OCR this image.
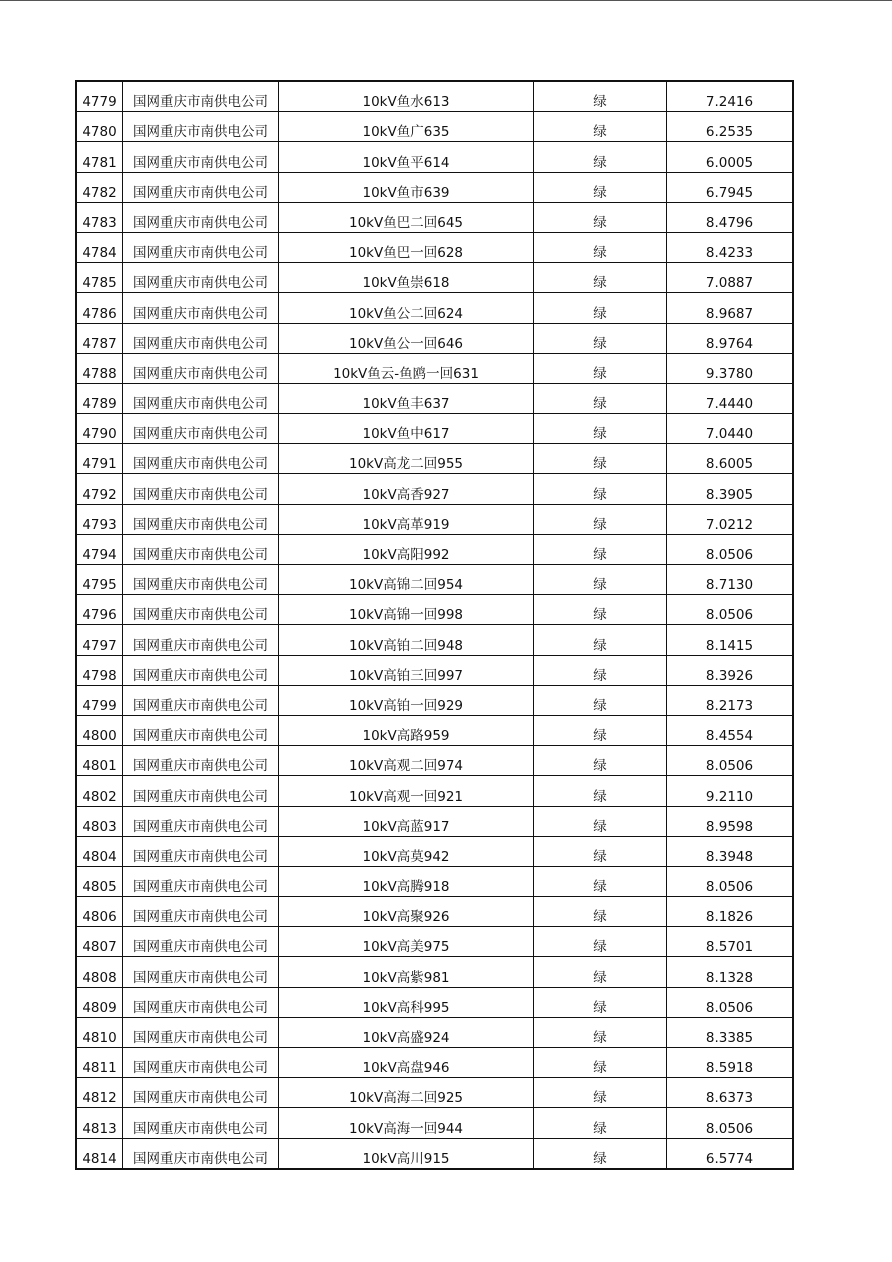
4779	国网重庆市南供电公司	10kV鱼水613	绿	7.2416
4780	国网重庆市南供电公司	10kV鱼广635	绿	6.2535
4781	国网重庆市南供电公司	10kV鱼平614	绿	6.0005
4782	国网重庆市南供电公司	10kV鱼市639	绿	6.7945
4783	国网重庆市南供电公司	10kV鱼巴二回645	绿	8.4796
4784	国网重庆市南供电公司	10kV鱼巴一回628	绿	8.4233
4785	国网重庆市南供电公司	10kV鱼崇618	绿	7.0887
4786	国网重庆市南供电公司	10kV鱼公二回624	绿	8.9687
4787	国网重庆市南供电公司	10kV鱼公一回646	绿	8.9764
4788	国网重庆市南供电公司	10kV鱼云-鱼鸥一回631	绿	9.3780
4789	国网重庆市南供电公司	10kV鱼丰637	绿	7.4440
4790	国网重庆市南供电公司	10kV鱼中617	绿	7.0440
4791	国网重庆市南供电公司	10kV高龙二回955	绿	8.6005
4792	国网重庆市南供电公司	10kV高香927	绿	8.3905
4793	国网重庆市南供电公司	10kV高革919	绿	7.0212
4794	国网重庆市南供电公司	10kV高阳992	绿	8.0506
4795	国网重庆市南供电公司	10kV高锦二回954	绿	8.7130
4796	国网重庆市南供电公司	10kV高锦一回998	绿	8.0506
4797	国网重庆市南供电公司	10kV高铂二回948	绿	8.1415
4798	国网重庆市南供电公司	10kV高铂三回997	绿	8.3926
4799	国网重庆市南供电公司	10kV高铂一回929	绿	8.2173
4800	国网重庆市南供电公司	10kV高路959	绿	8.4554
4801	国网重庆市南供电公司	10kV高观二回974	绿	8.0506
4802	国网重庆市南供电公司	10kV高观一回921	绿	9.2110
4803	国网重庆市南供电公司	10kV高蓝917	绿	8.9598
4804	国网重庆市南供电公司	10kV高莫942	绿	8.3948
4805	国网重庆市南供电公司	10kV高腾918	绿	8.0506
4806	国网重庆市南供电公司	10kV高聚926	绿	8.1826
4807	国网重庆市南供电公司	10kV高美975	绿	8.5701
4808	国网重庆市南供电公司	10kV高紫981	绿	8.1328
4809	国网重庆市南供电公司	10kV高科995	绿	8.0506
4810	国网重庆市南供电公司	10kV高盛924	绿	8.3385
4811	国网重庆市南供电公司	10kV高盘946	绿	8.5918
4812	国网重庆市南供电公司	10kV高海二回925	绿	8.6373
4813	国网重庆市南供电公司	10kV高海一回944	绿	8.0506
4814	国网重庆市南供电公司	10kV高川915	绿	6.5774
